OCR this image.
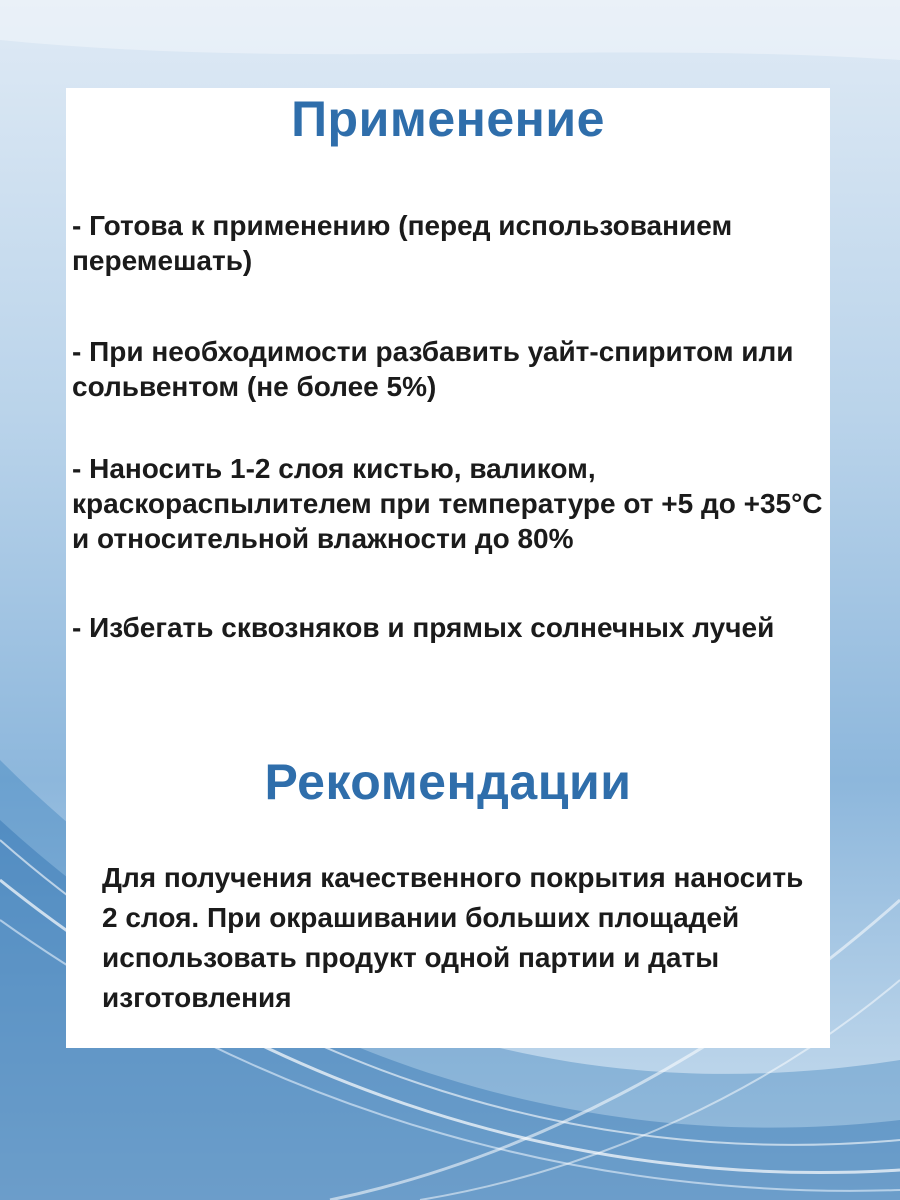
Применение

- Готова к применению (перед использованием перемешать)

- При необходимости разбавить уайт-спиритом или сольвентом (не более 5%)

- Наносить 1-2 слоя кистью, валиком, краскораспылителем при температуре от +5 до +35°С и относительной влажности до 80%

- Избегать сквозняков и прямых солнечных лучей

Рекомендации

Для получения качественного покрытия наносить 2 слоя. При окрашивании больших площадей использовать продукт одной партии и даты изготовления
